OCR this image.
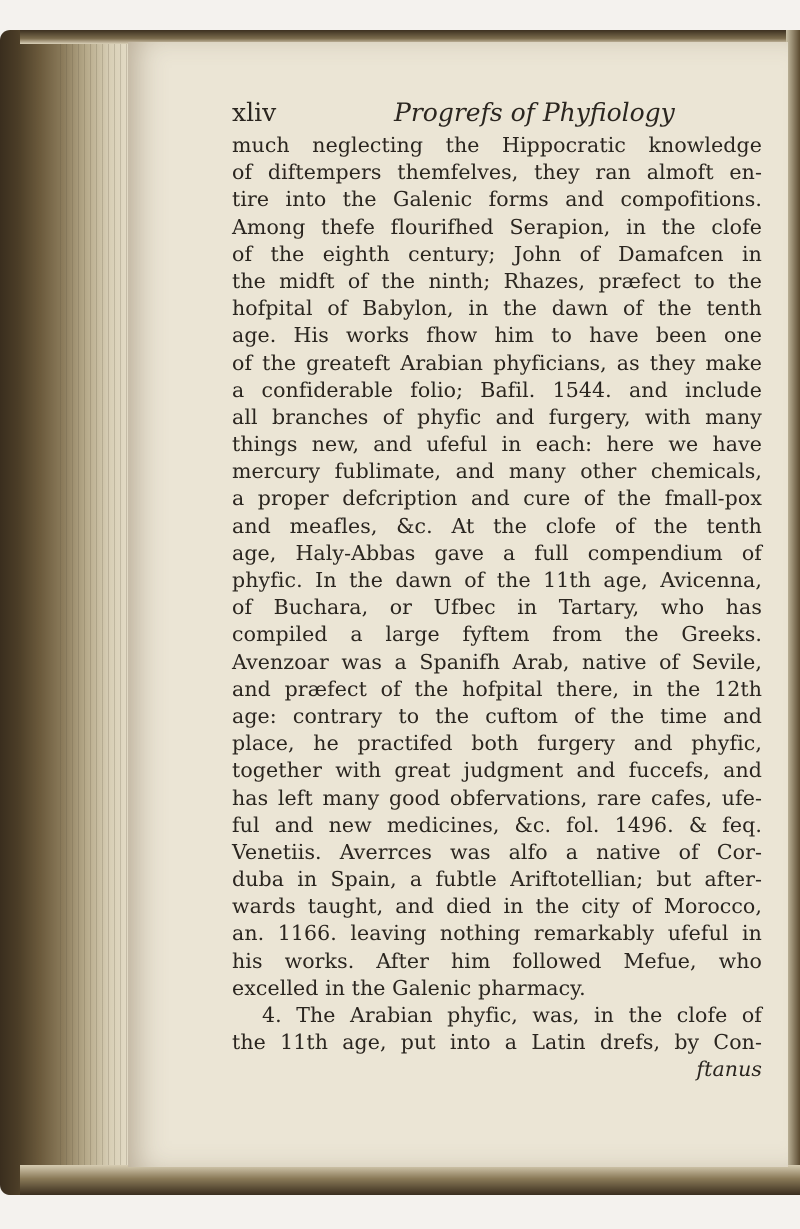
xliv	Progrefs of Phyfiology
much neglecting the Hippocratic knowledge
of diftempers themfelves, they ran almoft en-
tire into the Galenic forms and compofitions.
Among thefe flourifhed Serapion, in the clofe
of the eighth century; John of Damafcen in
the midft of the ninth; Rhazes, præfect to the
hofpital of Babylon, in the dawn of the tenth
age. His works fhow him to have been one
of the greateft Arabian phyficians, as they make
a confiderable folio; Bafil. 1544. and include
all branches of phyfic and furgery, with many
things new, and ufeful in each: here we have
mercury fublimate, and many other chemicals,
a proper defcription and cure of the fmall-pox
and meafles, &c. At the clofe of the tenth
age, Haly-Abbas gave a full compendium of
phyfic. In the dawn of the 11th age, Avicenna,
of Buchara, or Ufbec in Tartary, who has
compiled a large fyftem from the Greeks.
Avenzoar was a Spanifh Arab, native of Sevile,
and præfect of the hofpital there, in the 12th
age: contrary to the cuftom of the time and
place, he practifed both furgery and phyfic,
together with great judgment and fuccefs, and
has left many good obfervations, rare cafes, ufe-
ful and new medicines, &c. fol. 1496. & feq.
Venetiis. Averrces was alfo a native of Cor-
duba in Spain, a fubtle Ariftotellian; but after-
wards taught, and died in the city of Morocco,
an. 1166. leaving nothing remarkably ufeful in
his works. After him followed Mefue, who
excelled in the Galenic pharmacy.
4. The Arabian phyfic, was, in the clofe of
the 11th age, put into a Latin drefs, by Con-
ftanus
